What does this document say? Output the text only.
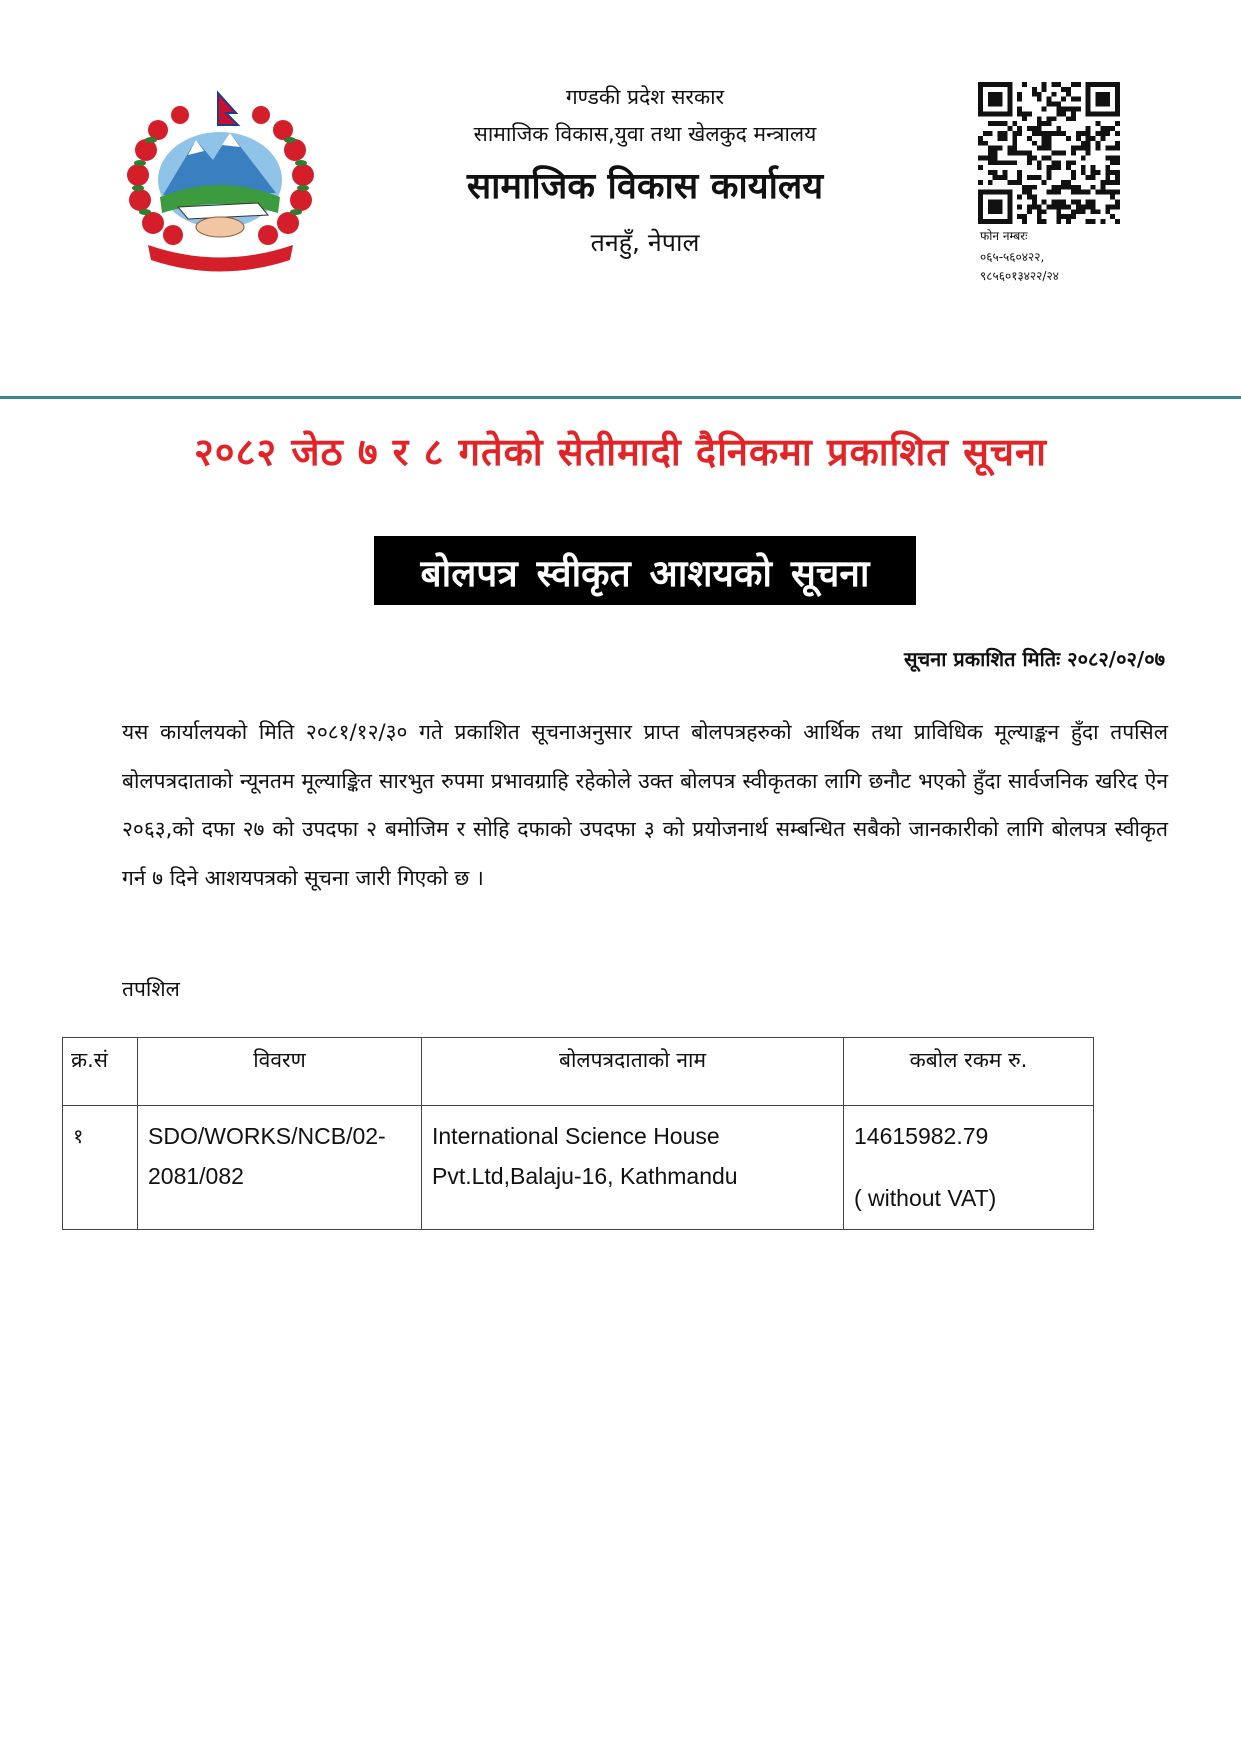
गण्डकी प्रदेश सरकार
सामाजिक विकास,युवा तथा खेलकुद मन्त्रालय
सामाजिक विकास कार्यालय
तनहुँ, नेपाल	फोन नम्बरः
०६५-५६०४२२,
९८५६०१३४२२/२४
२०८२ जेठ ७ र ८ गतेको सेतीमादी दैनिकमा प्रकाशित सूचना
बोलपत्र स्वीकृत आशयको सूचना
सूचना प्रकाशित मितिः २०८२/०२/०७
यस कार्यालयको मिति २०८१/१२/३० गते प्रकाशित सूचनाअनुसार प्राप्त बोलपत्रहरुको आर्थिक तथा प्राविधिक मूल्याङ्कन हुँदा तपसिल बोलपत्रदाताको न्यूनतम मूल्याङ्कित सारभुत रुपमा प्रभावग्राहि रहेकोले उक्त बोलपत्र स्वीकृतका लागि छनौट भएको हुँदा सार्वजनिक खरिद ऐन २०६३,को दफा २७ को उपदफा २ बमोजिम र सोहि दफाको उपदफा ३ को प्रयोजनार्थ सम्बन्धित सबैको जानकारीको लागि बोलपत्र स्वीकृत गर्न ७ दिने आशयपत्रको सूचना जारी गिएको छ ।
तपशिल
क्र.सं	विवरण	बोलपत्रदाताको नाम	कबोल रकम रु.
१	SDO/WORKS/NCB/02-2081/082	International Science House Pvt.Ltd,Balaju-16, Kathmandu	14615982.79
( without VAT)
